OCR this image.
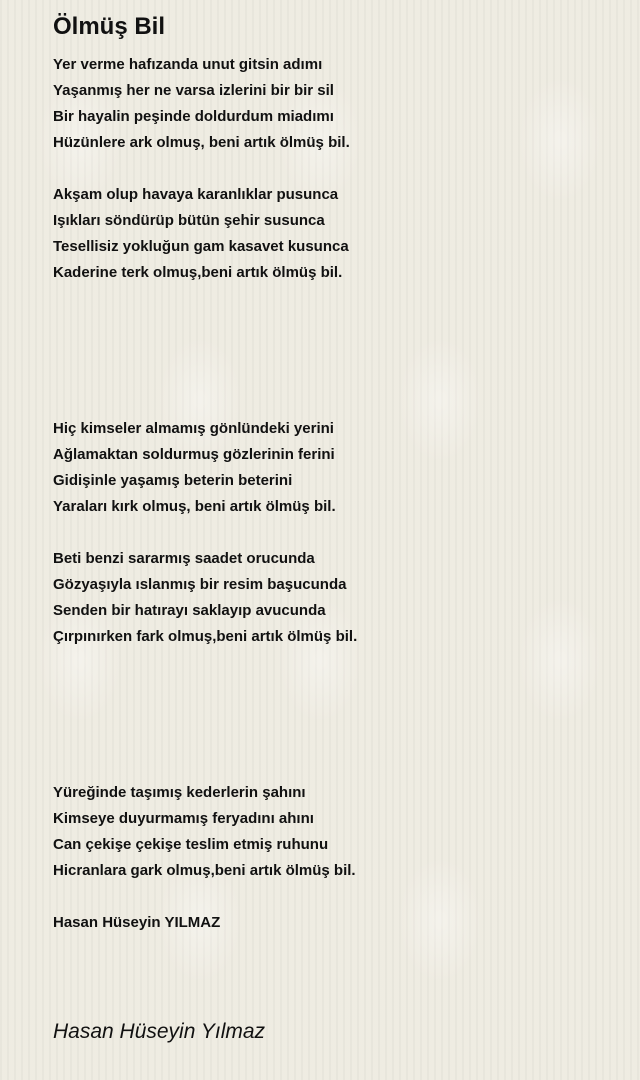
Ölmüş Bil
Yer verme hafızanda unut gitsin adımı
Yaşanmış her ne varsa izlerini bir bir sil
Bir hayalin peşinde doldurdum miadımı
Hüzünlere ark olmuş, beni artık ölmüş bil.
Akşam olup havaya karanlıklar pusunca
Işıkları söndürüp bütün şehir susunca
Tesellisiz yokluğun gam kasavet kusunca
Kaderine terk olmuş,beni artık ölmüş bil.
Hiç kimseler almamış gönlündeki yerini
Ağlamaktan soldurmuş gözlerinin ferini
Gidişinle yaşamış beterin beterini
Yaraları kırk olmuş, beni artık ölmüş bil.
Beti benzi sararmış saadet orucunda
Gözyaşıyla ıslanmış bir resim başucunda
Senden bir hatırayı saklayıp avucunda
Çırpınırken fark olmuş,beni artık ölmüş bil.
Yüreğinde taşımış kederlerin şahını
Kimseye duyurmamış feryadını ahını
Can çekişe çekişe teslim etmiş ruhunu
Hicranlara gark olmuş,beni artık ölmüş bil.
Hasan Hüseyin YILMAZ
Hasan Hüseyin Yılmaz
